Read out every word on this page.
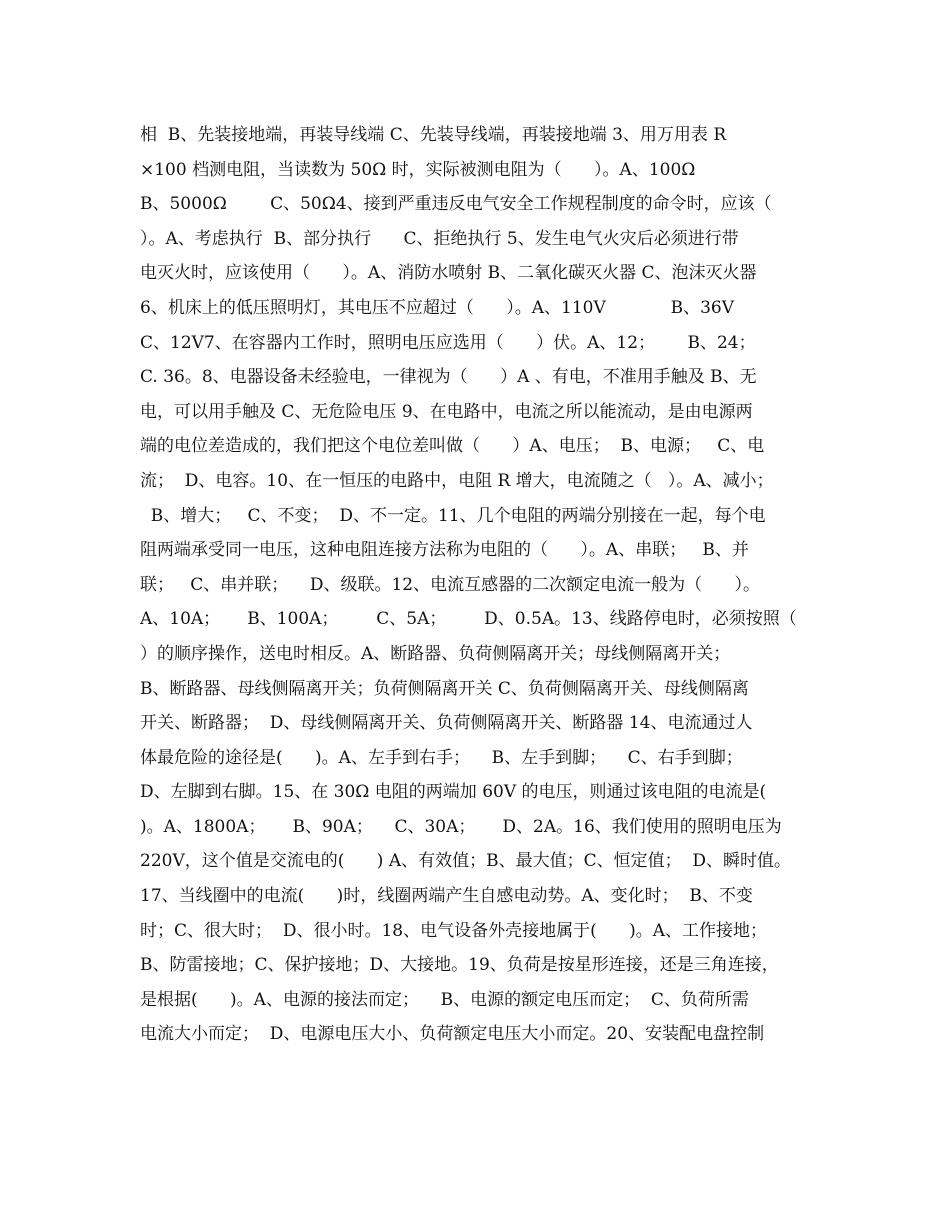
相  B、先装接地端，再装导线端 C、先装导线端，再装接地端 3、用万用表 R
×100 档测电阻，当读数为 50Ω 时，实际被测电阻为（      ）。A、100Ω
B、5000Ω        C、50Ω4、接到严重违反电气安全工作规程制度的命令时，应该（
）。A、考虑执行  B、部分执行      C、拒绝执行 5、发生电气火灾后必须进行带
电灭火时，应该使用（      ）。A、消防水喷射 B、二氧化碳灭火器 C、泡沫灭火器
6、机床上的低压照明灯，其电压不应超过（      ）。A、110V            B、36V
C、12V7、在容器内工作时，照明电压应选用（      ）伏。A、12；      B、24；
C. 36。8、电器设备未经验电，一律视为（      ）A 、有电，不准用手触及 B、无
电，可以用手触及 C、无危险电压 9、在电路中，电流之所以能流动，是由电源两
端的电位差造成的，我们把这个电位差叫做（      ）A、电压；  B、电源；   C、电
流；  D、电容。10、在一恒压的电路中，电阻 R 增大，电流随之（   ）。A、减小；
B、增大；   C、不变；  D、不一定。11、几个电阻的两端分别接在一起，每个电
阻两端承受同一电压，这种电阻连接方法称为电阻的（      ）。A、串联；   B、并
联；   C、串并联；    D、级联。12、电流互感器的二次额定电流一般为（      ）。
A、10A；     B、100A；       C、5A；       D、0.5A。13、线路停电时，必须按照（
）的顺序操作，送电时相反。A、断路器、负荷侧隔离开关；母线侧隔离开关；
B、断路器、母线侧隔离开关；负荷侧隔离开关 C、负荷侧隔离开关、母线侧隔离
开关、断路器；  D、母线侧隔离开关、负荷侧隔离开关、断路器 14、电流通过人
体最危险的途径是(      )。A、左手到右手；    B、左手到脚；    C、右手到脚；
D、左脚到右脚。15、在 30Ω 电阻的两端加 60V 的电压，则通过该电阻的电流是(
)。A、1800A；     B、90A；    C、30A；     D、2A。16、我们使用的照明电压为
220V，这个值是交流电的(      ) A、有效值；B、最大值；C、恒定值；  D、瞬时值。
17、当线圈中的电流(      )时，线圈两端产生自感电动势。A、变化时；  B、不变
时；C、很大时；  D、很小时。18、电气设备外壳接地属于(      )。A、工作接地；
B、防雷接地；C、保护接地；D、大接地。19、负荷是按星形连接，还是三角连接，
是根据(      )。A、电源的接法而定；    B、电源的额定电压而定；  C、负荷所需
电流大小而定；  D、电源电压大小、负荷额定电压大小而定。20、安装配电盘控制
